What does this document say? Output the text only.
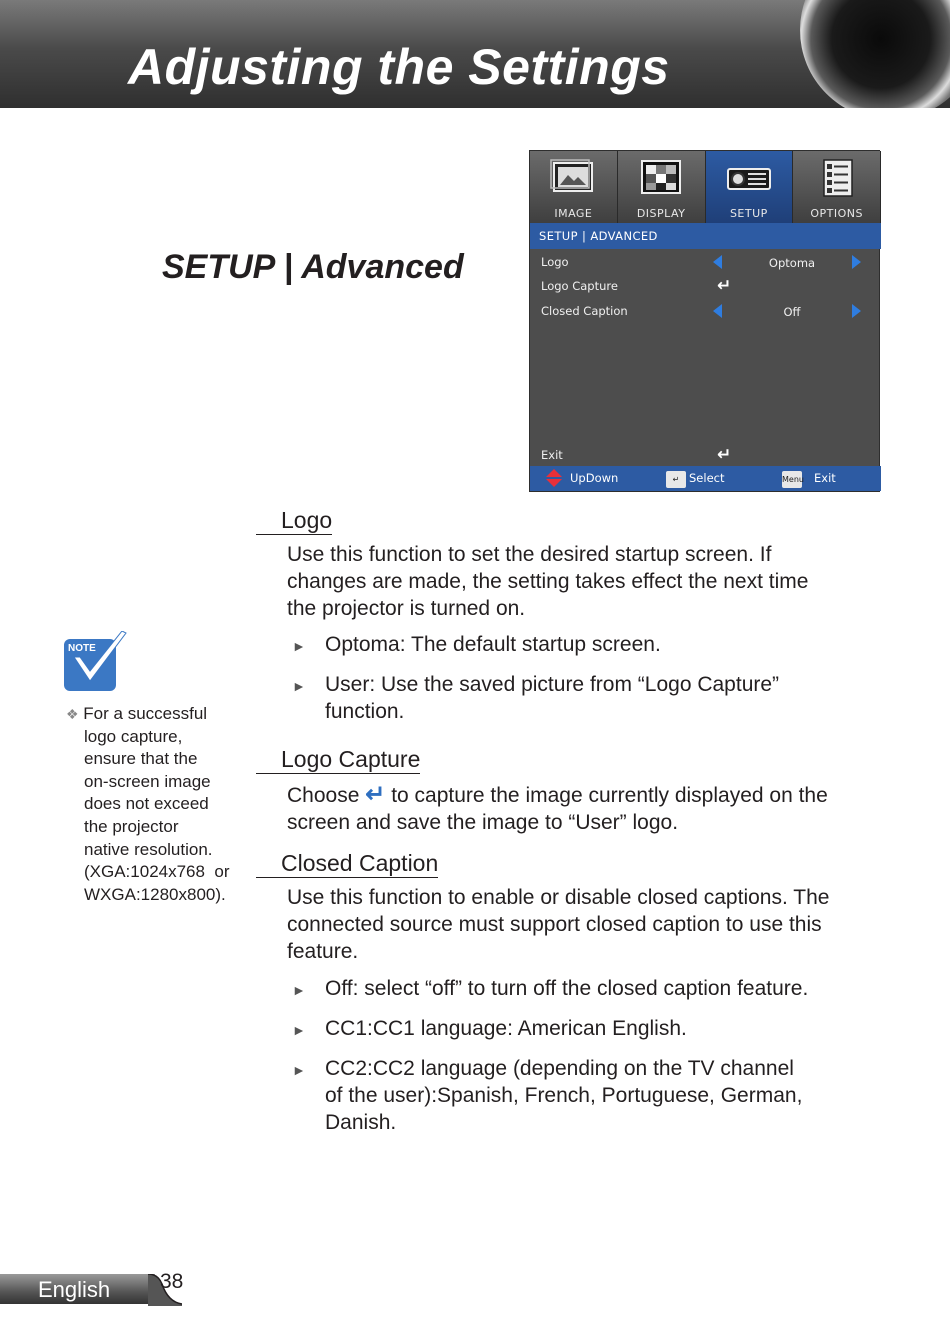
Adjusting the Settings
SETUP | Advanced
IMAGE	DISPLAY	SETUP	OPTIONS
SETUP | ADVANCED
Logo	Optoma
Logo Capture	↵
Closed Caption	Off
Exit	↵
UpDown	↵ Select	Menu Exit
Logo
Use this function to set the desired startup screen. If
changes are made, the setting takes effect the next time
the projector is turned on.
► Optoma: The default startup screen.
► User: Use the saved picture from “Logo Capture”
function.
Logo Capture
Choose ↵ to capture the image currently displayed on the
screen and save the image to “User” logo.
Closed Caption
Use this function to enable or disable closed captions. The
connected source must support closed caption to use this
feature.
► Off: select “off” to turn off the closed caption feature.
► CC1:CC1 language: American English.
► CC2:CC2 language (depending on the TV channel
of the user):Spanish, French, Portuguese, German,
Danish.
NOTE
❖ For a successful
logo capture,
ensure that the
on-screen image
does not exceed
the projector
native resolution.
(XGA:1024x768  or
WXGA:1280x800).
English 38
